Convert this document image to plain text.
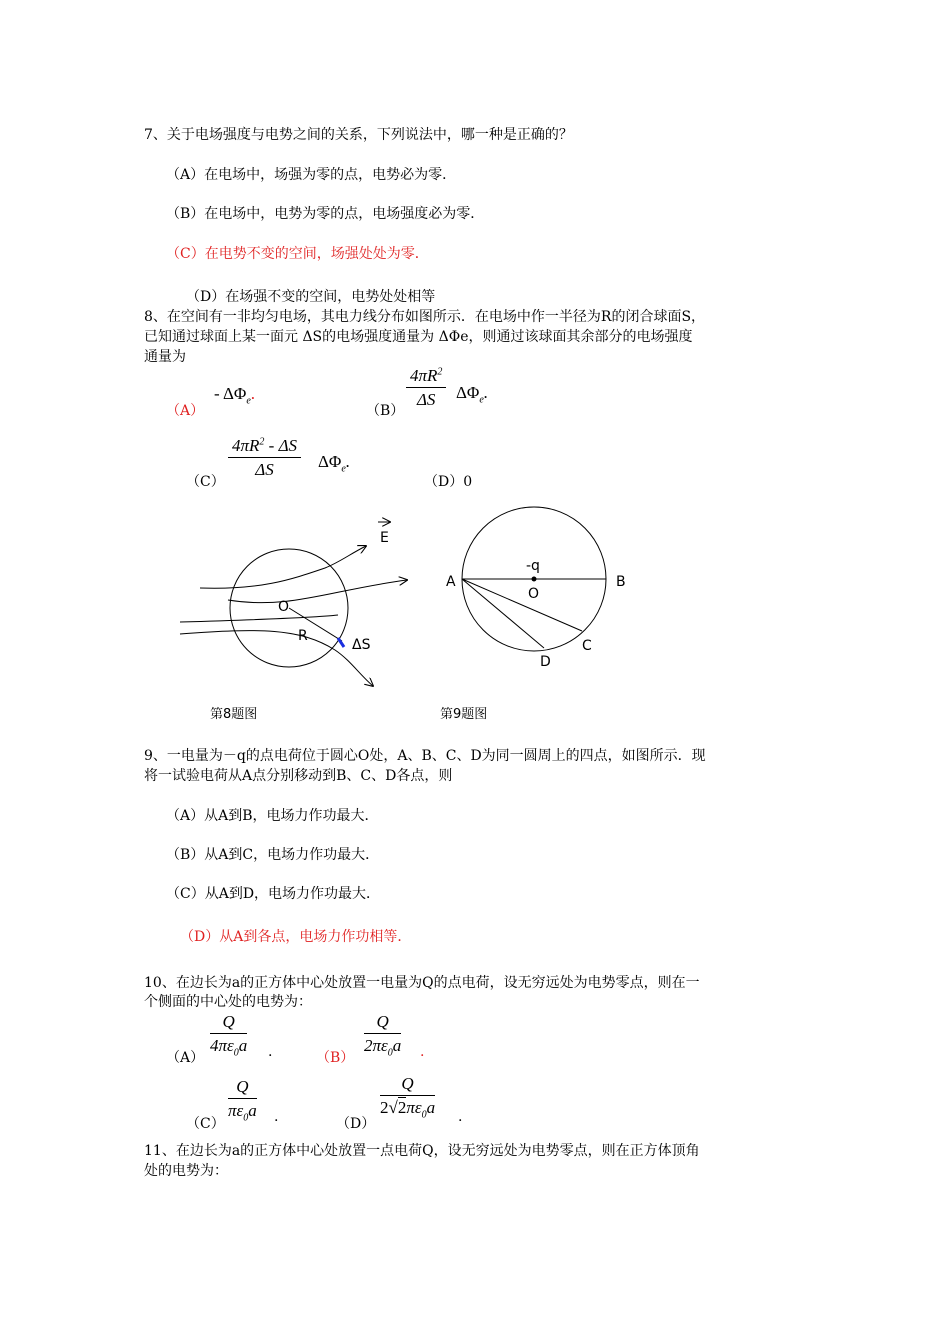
7、关于电场强度与电势之间的关系，下列说法中，哪一种是正确的？
（A）在电场中，场强为零的点，电势必为零．
（B）在电场中，电势为零的点，电场强度必为零．
（C）在电势不变的空间，场强处处为零．
（D）在场强不变的空间，电势处处相等
8、在空间有一非均匀电场，其电力线分布如图所示．在电场中作一半径为R的闭合球面S，
已知通过球面上某一面元 ΔS的电场强度通量为 ΔΦe，则通过该球面其余部分的电场强度
通量为
（A）
- $\Delta\Phi_e$.
（B）
$\frac{4\pi R^2}{\Delta S} \Delta\Phi_e$.
（C）
$\frac{4\pi R^2 - \Delta S}{\Delta S} \Delta\Phi_e$.
（D）0
E
O
R
ΔS
第8题图
-q
O
A	B
C
D
第9题图
9、一电量为－q的点电荷位于圆心O处，A、B、C、D为同一圆周上的四点，如图所示．现
将一试验电荷从A点分别移动到B、C、D各点，则
（A）从A到B，电场力作功最大．
（B）从A到C，电场力作功最大．
（C）从A到D，电场力作功最大．
（D）从A到各点，电场力作功相等．
10、在边长为a的正方体中心处放置一电量为Q的点电荷，设无穷远处为电势零点，则在一
个侧面的中心处的电势为：
$(A) \frac{Q}{4\pi\varepsilon_0a}$ .	$(B) \frac{Q}{2\pi\varepsilon_0a}$ .
（C）
$\frac{Q}{\pi\varepsilon_0a}$ .	（D）
$\frac{Q}{2√2\pi\varepsilon_0a}$ .
11、在边长为a的正方体中心处放置一点电荷Q，设无穷远处为电势零点，则在正方体顶角
处的电势为：
